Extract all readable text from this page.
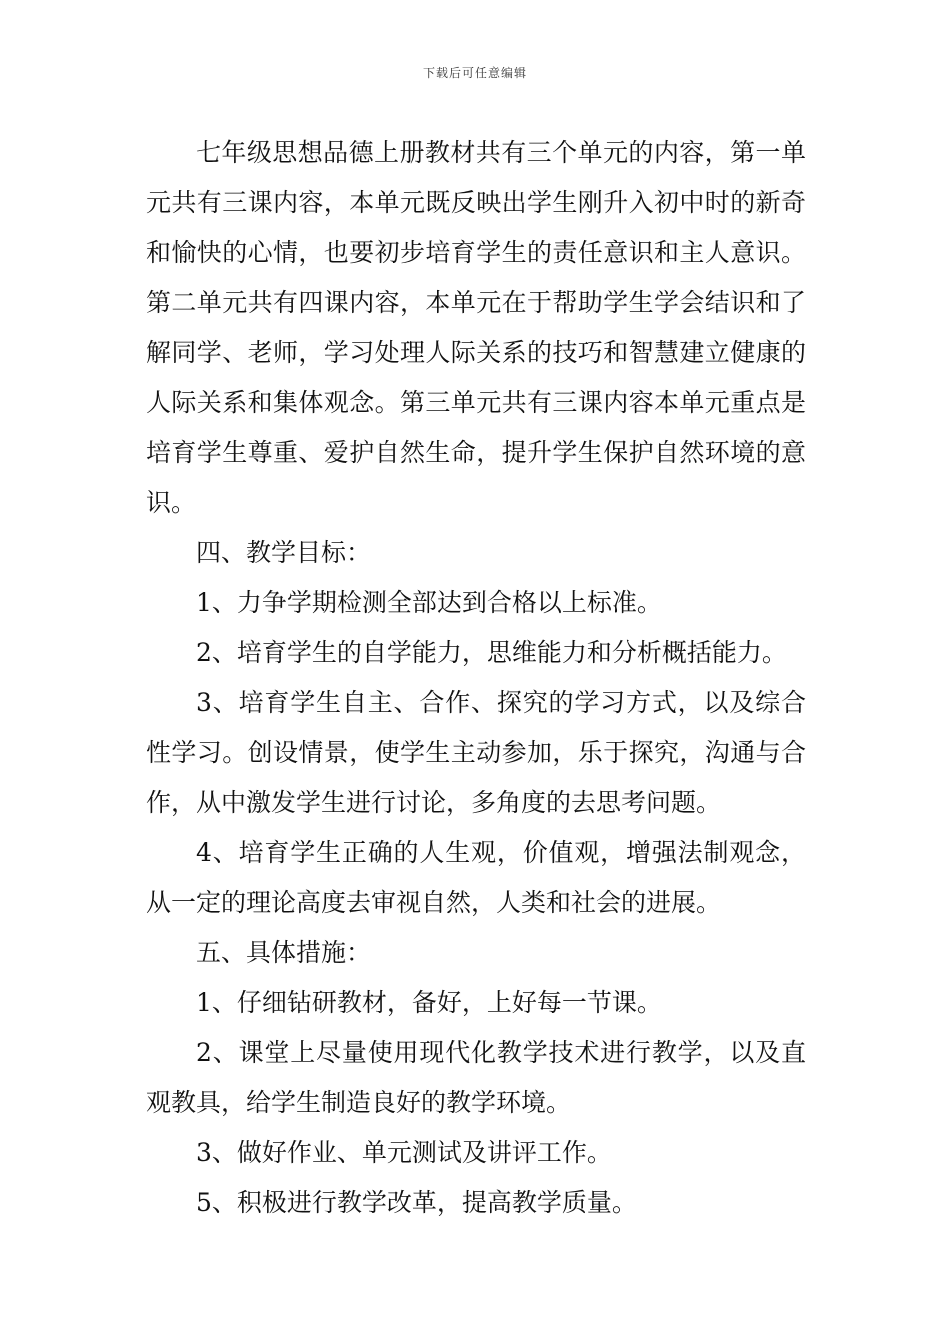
下载后可任意编辑

七年级思想品德上册教材共有三个单元的内容，第一单元共有三课内容，本单元既反映出学生刚升入初中时的新奇和愉快的心情，也要初步培育学生的责任意识和主人意识。第二单元共有四课内容，本单元在于帮助学生学会结识和了解同学、老师，学习处理人际关系的技巧和智慧建立健康的人际关系和集体观念。第三单元共有三课内容本单元重点是培育学生尊重、爱护自然生命，提升学生保护自然环境的意识。

四、教学目标：

1、力争学期检测全部达到合格以上标准。

2、培育学生的自学能力，思维能力和分析概括能力。

3、培育学生自主、合作、探究的学习方式，以及综合性学习。创设情景，使学生主动参加，乐于探究，沟通与合作，从中激发学生进行讨论，多角度的去思考问题。

4、培育学生正确的人生观，价值观，增强法制观念，从一定的理论高度去审视自然，人类和社会的进展。

五、具体措施：

1、仔细钻研教材，备好，上好每一节课。

2、课堂上尽量使用现代化教学技术进行教学，以及直观教具，给学生制造良好的教学环境。

3、做好作业、单元测试及讲评工作。

5、积极进行教学改革，提高教学质量。
